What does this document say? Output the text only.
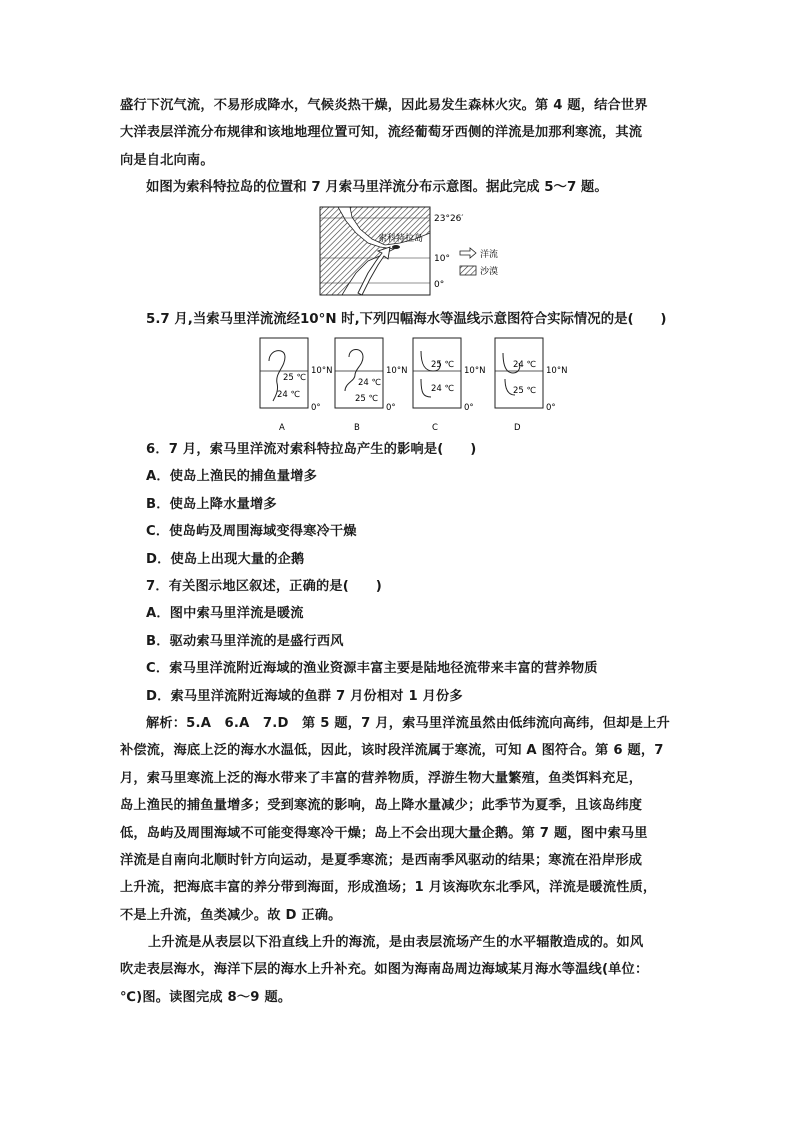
盛行下沉气流，不易形成降水，气候炎热干燥，因此易发生森林火灾。第 4 题，结合世界

大洋表层洋流分布规律和该地地理位置可知，流经葡萄牙西侧的洋流是加那利寒流，其流

向是自北向南。

如图为索科特拉岛的位置和 7 月索马里洋流分布示意图。据此完成 5～7 题。
23°26′
索科特拉岛
10°
0°
洋流
沙漠
5.7 月,当索马里洋流流经10°N 时,下列四幅海水等温线示意图符合实际情况的是(　　)
25 ℃
24 ℃
10°N
0°
A
24 ℃
25 ℃
10°N
0°
B
25 ℃
24 ℃
10°N
0°
C
24 ℃
25 ℃
10°N
0°
D

6．7 月，索马里洋流对索科特拉岛产生的影响是(　　)

A．使岛上渔民的捕鱼量增多

B．使岛上降水量增多

C．使岛屿及周围海域变得寒冷干燥

D．使岛上出现大量的企鹅

7．有关图示地区叙述，正确的是(　　)

A．图中索马里洋流是暖流

B．驱动索马里洋流的是盛行西风

C．索马里洋流附近海域的渔业资源丰富主要是陆地径流带来丰富的营养物质

D．索马里洋流附近海域的鱼群 7 月份相对 1 月份多

解析：5.A　6.A　7.D　第 5 题，7 月，索马里洋流虽然由低纬流向高纬，但却是上升

补偿流，海底上泛的海水水温低，因此，该时段洋流属于寒流，可知 A 图符合。第 6 题，7

月，索马里寒流上泛的海水带来了丰富的营养物质，浮游生物大量繁殖，鱼类饵料充足，

岛上渔民的捕鱼量增多；受到寒流的影响，岛上降水量减少；此季节为夏季，且该岛纬度

低，岛屿及周围海域不可能变得寒冷干燥；岛上不会出现大量企鹅。第 7 题，图中索马里

洋流是自南向北顺时针方向运动，是夏季寒流；是西南季风驱动的结果；寒流在沿岸形成

上升流，把海底丰富的养分带到海面，形成渔场；1 月该海吹东北季风，洋流是暖流性质，

不是上升流，鱼类减少。故 D 正确。

上升流是从表层以下沿直线上升的海流，是由表层流场产生的水平辐散造成的。如风

吹走表层海水，海洋下层的海水上升补充。如图为海南岛周边海域某月海水等温线(单位：

℃)图。读图完成 8～9 题。
